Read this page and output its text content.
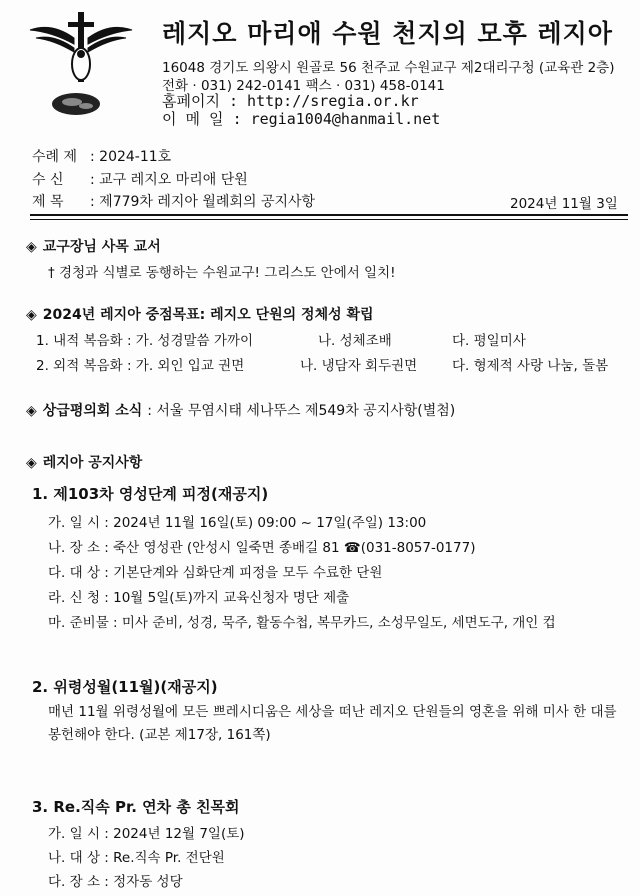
레지오 마리애 수원 천지의 모후 레지아
16048 경기도 의왕시 원골로 56 천주교 수원교구 제2대리구청 (교육관 2층)
전화 · 031) 242-0141 팩스 · 031) 458-0141
홈페이지 : http://sregia.or.kr
이 메 일 : regia1004@hanmail.net
수례 제 : 2024-11호
수 신 : 교구 레지오 마리애 단원
제 목 : 제779차 레지아 월례회의 공지사항	2024년 11월 3일
◈ 교구장님 사목 교서
† 경청과 식별로 동행하는 수원교구! 그리스도 안에서 일치!
◈ 2024년 레지아 중점목표: 레지오 단원의 정체성 확립
1. 내적 복음화 : 가. 성경말씀 가까이	나. 성체조배	다. 평일미사
2. 외적 복음화 : 가. 외인 입교 권면	나. 냉담자 회두권면	다. 형제적 사랑 나눔, 돌봄
◈ 상급평의회 소식 : 서울 무염시태 세나뚜스 제549차 공지사항(별첨)
◈ 레지아 공지사항
1. 제103차 영성단계 피정(재공지)
가. 일 시 : 2024년 11월 16일(토) 09:00 ~ 17일(주일) 13:00
나. 장 소 : 죽산 영성관 (안성시 일죽면 종배길 81 ☎(031-8057-0177)
다. 대 상 : 기본단계와 심화단계 피정을 모두 수료한 단원
라. 신 청 : 10월 5일(토)까지 교육신청자 명단 제출
마. 준비물 : 미사 준비, 성경, 묵주, 활동수첩, 복무카드, 소성무일도, 세면도구, 개인 컵
2. 위령성월(11월)(재공지)
매년 11월 위령성월에 모든 쁘레시디움은 세상을 떠난 레지오 단원들의 영혼을 위해 미사 한 대를 봉헌해야 한다. (교본 제17장, 161쪽)
3. Re.직속 Pr. 연차 총 친목회
가. 일 시 : 2024년 12월 7일(토)
나. 대 상 : Re.직속 Pr. 전단원
다. 장 소 : 정자동 성당
